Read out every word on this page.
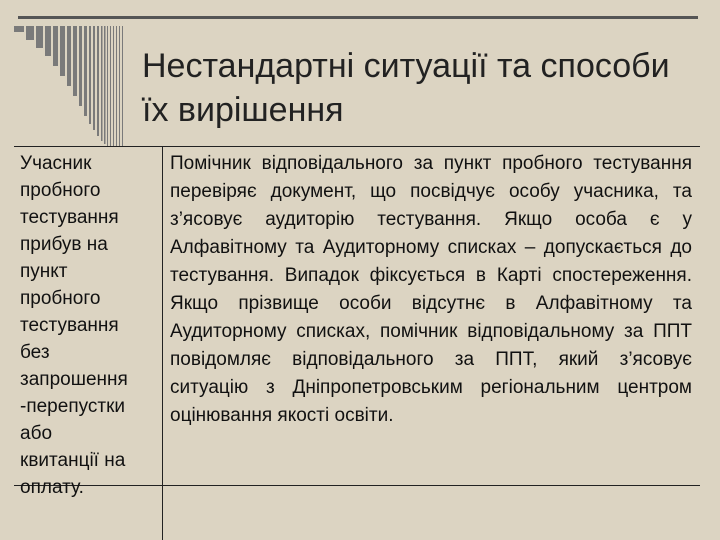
Нестандартні ситуації та способи їх вирішення
Учасник
пробного
тестування
прибув на
пункт
пробного
тестування
без
запрошення
-перепустки
або
квитанції на
оплату.
Помічник відповідального за пункт пробного тестування перевіряє документ, що посвідчує особу учасника, та з’ясовує аудиторію тестування. Якщо особа є у Алфавітному та Аудиторному списках – допускається до тестування. Випадок фіксується в Карті спостереження. Якщо прізвище особи відсутнє в Алфавітному та Аудиторному списках, помічник відповідальному за ППТ повідомляє відповідального за ППТ, який з’ясовує ситуацію з Дніпропетровським регіональним центром оцінювання якості освіти.
